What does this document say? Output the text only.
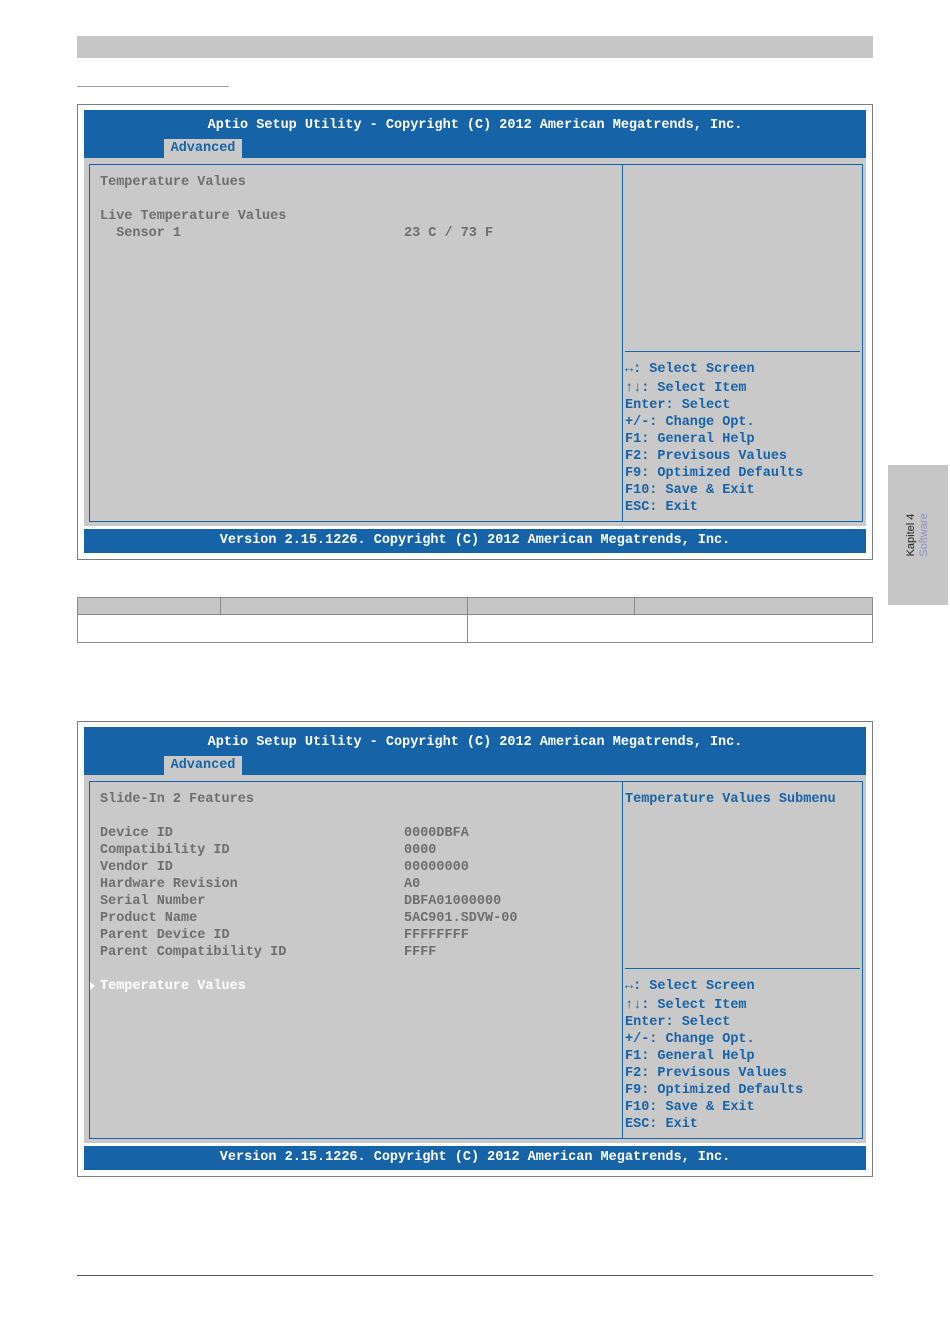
Kapitel 4 Software
Aptio Setup Utility - Copyright (C) 2012 American Megatrends, Inc.
Advanced
Temperature Values
Live Temperature Values
Sensor 1	23 C / 73 F
↔: Select Screen
↑↓: Select Item
Enter: Select
+/-: Change Opt.
F1: General Help
F2: Previsous Values
F9: Optimized Defaults
F10: Save & Exit
ESC: Exit
Version 2.15.1226. Copyright (C) 2012 American Megatrends, Inc.
Aptio Setup Utility - Copyright (C) 2012 American Megatrends, Inc.
Advanced
Slide-In 2 Features
Device ID	0000DBFA
Compatibility ID	0000
Vendor ID	00000000
Hardware Revision	A0
Serial Number	DBFA01000000
Product Name	5AC901.SDVW-00
Parent Device ID	FFFFFFFF
Parent Compatibility ID	FFFF
Temperature Values
Temperature Values Submenu
↔: Select Screen
↑↓: Select Item
Enter: Select
+/-: Change Opt.
F1: General Help
F2: Previsous Values
F9: Optimized Defaults
F10: Save & Exit
ESC: Exit
Version 2.15.1226. Copyright (C) 2012 American Megatrends, Inc.
